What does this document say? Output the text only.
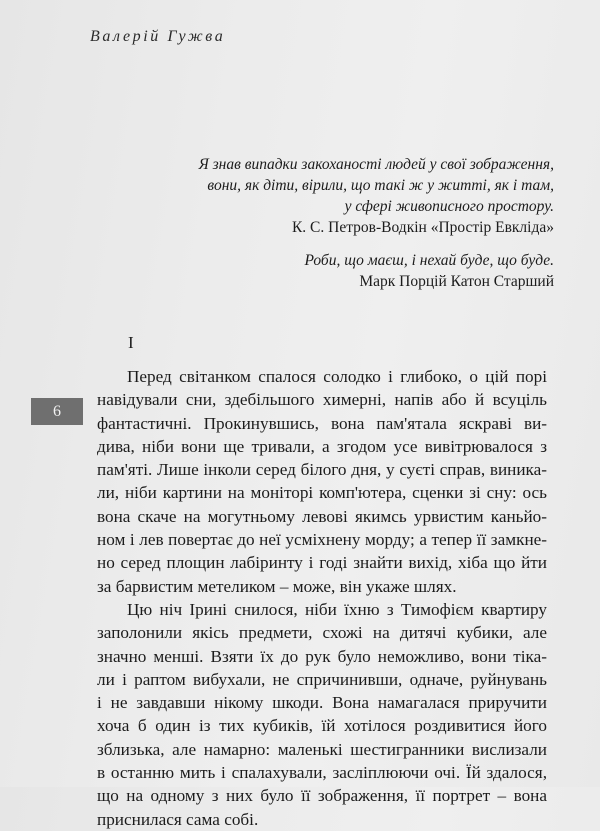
Валерій Гужва
Я знав випадки закоханості людей у свої зображення,
вони, як діти, вірили, що такі ж у житті, як і там,
у сфері живописного простору.
К. С. Петров-Водкін «Простір Евкліда»
Роби, що маєш, і нехай буде, що буде.
Марк Порцій Катон Старший
I
6
Перед світанком спалося солодко і глибоко, о цій порі
навідували сни, здебільшого химерні, напів або й всуціль
фантастичні. Прокинувшись, вона пам'ятала яскраві ви-
дива, ніби вони ще тривали, а згодом усе вивітрювалося з
пам'яті. Лише інколи серед білого дня, у суєті справ, виника-
ли, ніби картини на моніторі комп'ютера, сценки зі сну: ось
вона скаче на могутньому левові якимсь урвистим каньйо-
ном і лев повертає до неї усміхнену морду; а тепер її замкне-
но серед площин лабіринту і годі знайти вихід, хіба що йти
за барвистим метеликом – може, він укаже шлях.
Цю ніч Ірині снилося, ніби їхню з Тимофієм квартиру
заполонили якісь предмети, схожі на дитячі кубики, але
значно менші. Взяти їх до рук було неможливо, вони тіка-
ли і раптом вибухали, не спричинивши, одначе, руйнувань
і не завдавши нікому шкоди. Вона намагалася приручити
хоча б один із тих кубиків, їй хотілося роздивитися його
зблизька, але намарно: маленькі шестигранники вислизали
в останню мить і спалахували, засліплюючи очі. Їй здалося,
що на одному з них було її зображення, її портрет – вона
приснилася сама собі.
